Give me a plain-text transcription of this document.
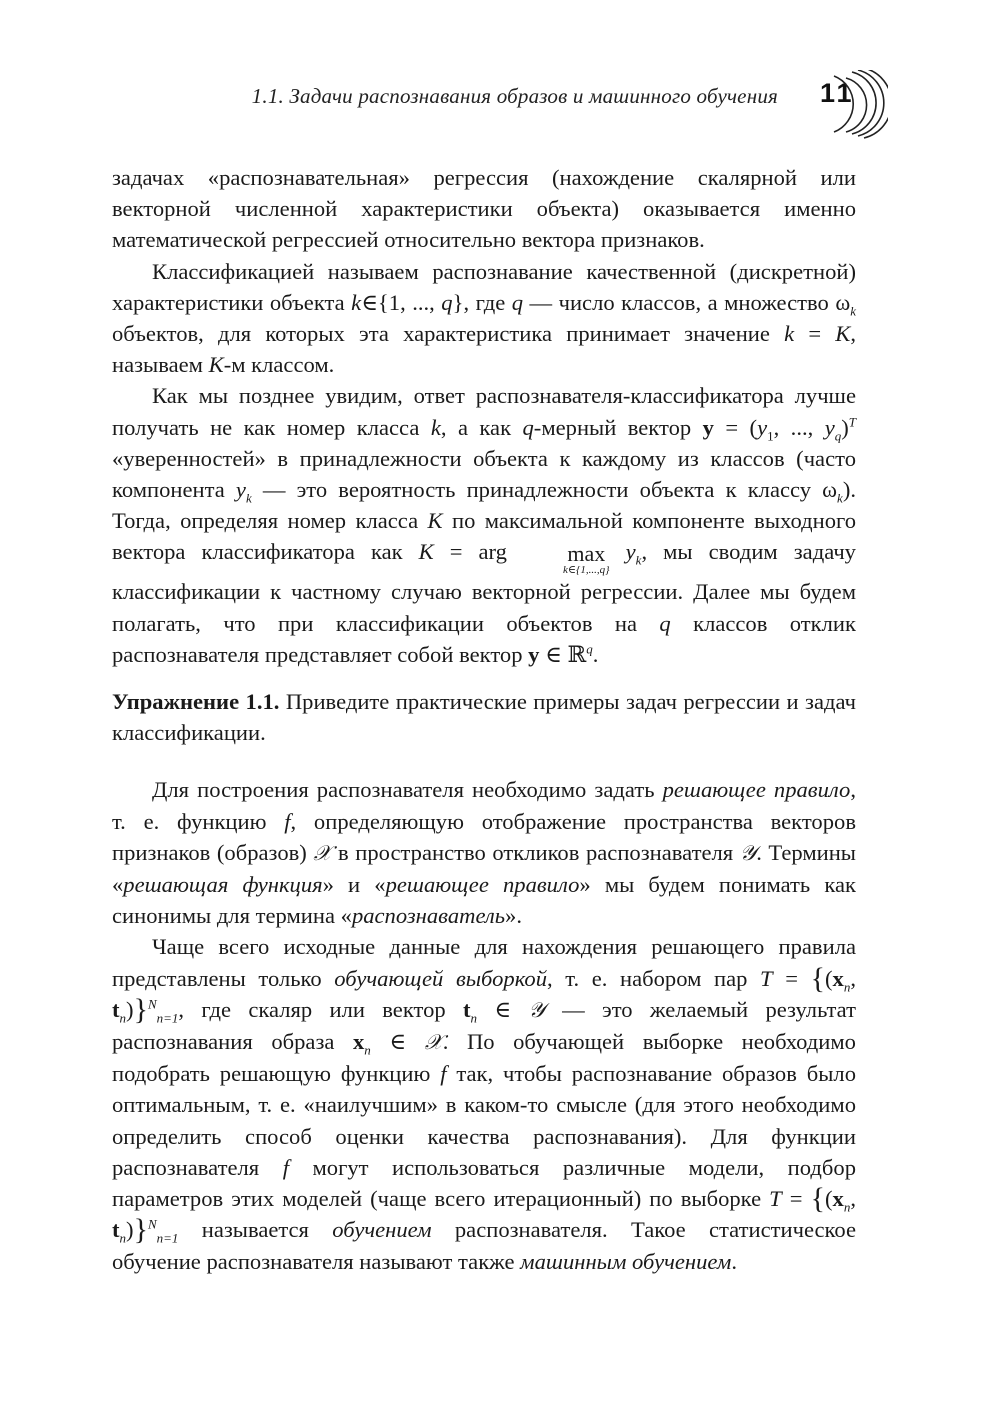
1.1. Задачи распознавания образов и машинного обучения 11

задачах «распознавательная» регрессия (нахождение скалярной или векторной численной характеристики объекта) оказывается именно математической регрессией относительно вектора признаков.

Классификацией называем распознавание качественной (дискретной) характеристики объекта k∈{1, ..., q}, где q — число классов, а множество $\omega_k$ объектов, для которых эта характеристика принимает значение k = K, называем K-м классом.

Как мы позднее увидим, ответ распознавателя-классификатора лучше получать не как номер класса k, а как q-мерный вектор $y = (y_1$, ..., $y_q)^T$ «уверенностей» в принадлежности объекта к каждому из классов (часто компонента $y_k$ — это вероятность принадлежности объекта к классу $\omega_k$). Тогда, определяя номер класса K по максимальной компоненте выходного вектора классификатора как K = arg	max
k∈{1,...,q}
$y_k$, мы сводим задачу классификации к частному случаю векторной регрессии. Далее мы будем полагать, что при классификации объектов на q классов отклик распознавателя представляет собой вектор y ∈ ℝ$^q$.

Упражнение 1.1. Приведите практические примеры задач регрессии и задач классификации.

Для построения распознавателя необходимо задать решающее правило, т. е. функцию f, определяющую отображение пространства векторов признаков (образов) 𝒳 в пространство откликов распознавателя 𝒴. Термины «решающая функция» и «решающее правило» мы будем понимать как синонимы для термина «распознаватель».

Чаще всего исходные данные для нахождения решающего правила представлены только обучающей выборкой, т. е. набором пар $T = \{(x_n$, $t_n)\}^N_{n=1}$, где скаляр или вектор $t_n$ ∈ 𝒴 — это желаемый результат распознавания образа $x_n$ ∈ 𝒳. По обучающей выборке необходимо подобрать решающую функцию f так, чтобы распознавание образов было оптимальным, т. е. «наилучшим» в каком-то смысле (для этого необходимо определить способ оценки качества распознавания). Для функции распознавателя f могут использоваться различные модели, подбор параметров этих моделей (чаще всего итерационный) по выборке $T = \{(x_n$, $t_n)\}^N_{n=1}$ называется обучением распознавателя. Такое статистическое обучение распознавателя называют также машинным обучением.
